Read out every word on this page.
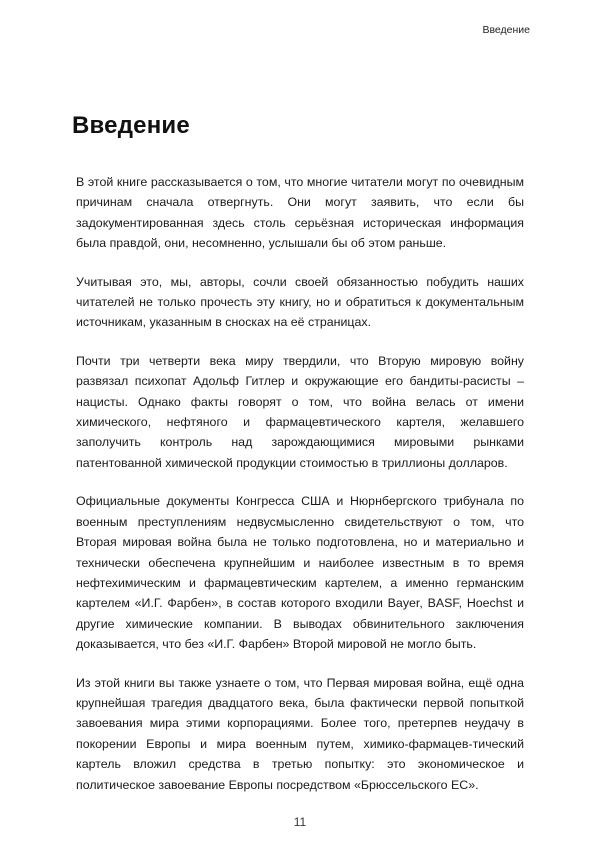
Введение
Введение

В этой книге рассказывается о том, что многие читатели могут по очевидным причинам сначала отвергнуть. Они могут заявить, что если бы задокументированная здесь столь серьёзная историческая информация была правдой, они, несомненно, услышали бы об этом раньше.

Учитывая это, мы, авторы, сочли своей обязанностью побудить наших читателей не только прочесть эту книгу, но и обратиться к документальным источникам, указанным в сносках на её страницах.

Почти три четверти века миру твердили, что Вторую мировую войну развязал психопат Адольф Гитлер и окружающие его бандиты-расисты – нацисты. Однако факты говорят о том, что война велась от имени химического, нефтяного и фармацевтического картеля, желавшего заполучить контроль над зарождающимися мировыми рынками патентованной химической продукции стоимостью в триллионы долларов.

Официальные документы Конгресса США и Нюрнбергского трибунала по военным преступлениям недвусмысленно свидетельствуют о том, что Вторая мировая война была не только подготовлена, но и материально и технически обеспечена крупнейшим и наиболее известным в то время нефтехимическим и фармацевтическим картелем, а именно германским картелем «И.Г. Фарбен», в состав которого входили Bayer, BASF, Hoechst и другие химические компании. В выводах обвинительного заключения доказывается, что без «И.Г. Фарбен» Второй мировой не могло быть.

Из этой книги вы также узнаете о том, что Первая мировая война, ещё одна крупнейшая трагедия двадцатого века, была фактически первой попыткой завоевания мира этими корпорациями. Более того, претерпев неудачу в покорении Европы и мира военным путем, химико-фармацев-тический картель вложил средства в третью попытку: это экономическое и политическое завоевание Европы посредством «Брюссельского ЕС».

11
